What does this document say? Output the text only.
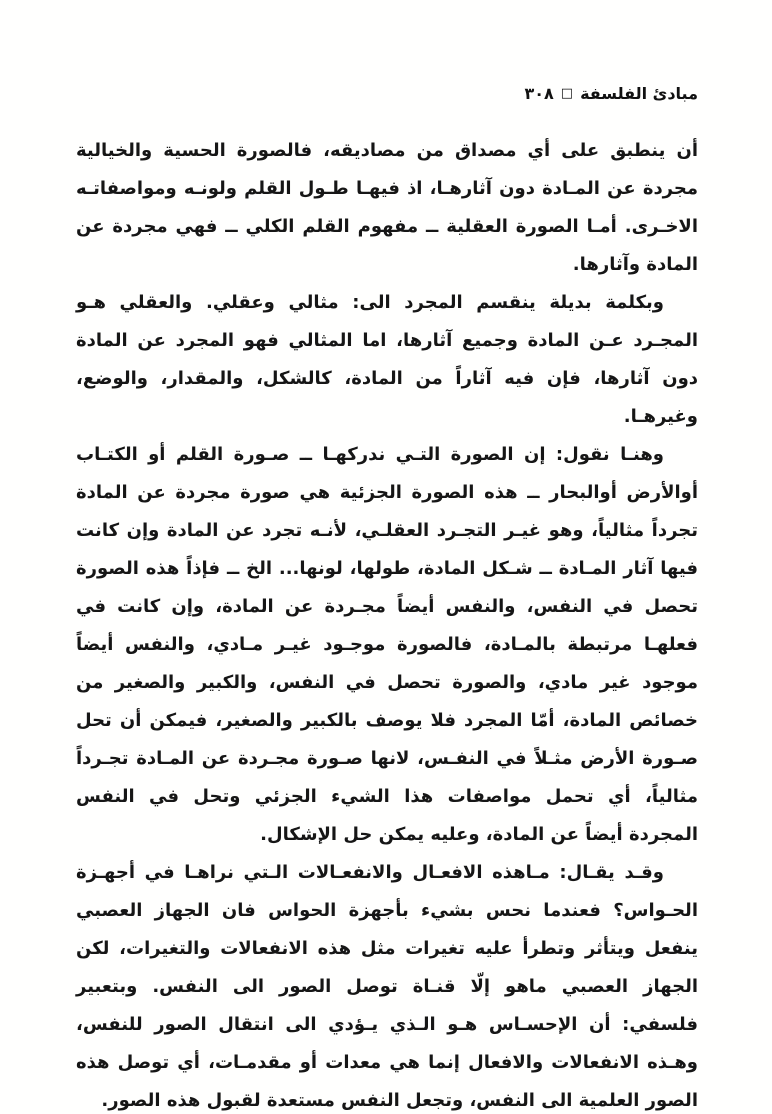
٣٠٨ □ مبادئ الفلسفة

أن ينطبق على أي مصداق من مصاديقه، فالصورة الحسية والخيالية مجردة عن المـادة دون آثارهـا، اذ فيهـا طـول القلم ولونـه ومواصفاتـه الاخـرى. أمـا الصورة العقلية ــ مفهوم القلم الكلي ــ فهي مجردة عن المادة وآثارها.

وبكلمة بديلة ينقسم المجرد الى: مثالي وعقلي. والعقلي هـو المجـرد عـن المادة وجميع آثارها، اما المثالي فهو المجرد عن المادة دون آثارها، فإن فيه آثاراً من المادة، كالشكل، والمقدار، والوضع، وغيرهـا.

وهنـا نقول: إن الصورة التـي ندركهـا ــ صـورة القلم أو الكتـاب أوالأرض أوالبحار ــ هذه الصورة الجزئية هي صورة مجردة عن المادة تجرداً مثالياً، وهو غيـر التجـرد العقلـي، لأنـه تجرد عن المادة وإن كانت فيها آثار المـادة ــ شـكل المادة، طولها، لونها... الخ ــ فإذاً هذه الصورة تحصل في النفس، والنفس أيضاً مجـردة عن المادة، وإن كانت في فعلهـا مرتبطة بالمـادة، فالصورة موجـود غيـر مـادي، والنفس أيضاً موجود غير مادي، والصورة تحصل في النفس، والكبير والصغير من خصائص المادة، أمّا المجرد فلا يوصف بالكبير والصغير، فيمكن أن تحل صـورة الأرض مثـلاً في النفـس، لانها صـورة مجـردة عن المـادة تجـرداً مثالياً، أي تحمل مواصفات هذا الشيء الجزئي وتحل في النفس المجردة أيضاً عن المادة، وعليه يمكن حل الإشكال.

وقـد يقـال: مـاهذه الافعـال والانفعـالات الـتي نراهـا في أجهـزة الحـواس؟ فعندما نحس بشيء بأجهزة الحواس فان الجهاز العصبي ينفعل ويتأثر وتطرأ عليه تغيرات مثل هذه الانفعالات والتغيرات، لكن الجهاز العصبي ماهو إلّا قنـاة توصل الصور الى النفس. وبتعبير فلسفي: أن الإحسـاس هـو الـذي يـؤدي الى انتقال الصور للنفس، وهـذه الانفعالات والافعال إنما هي معدات أو مقدمـات، أي توصل هذه الصور العلمية الى النفس، وتجعل النفس مستعدة لقبول هذه الصور.
